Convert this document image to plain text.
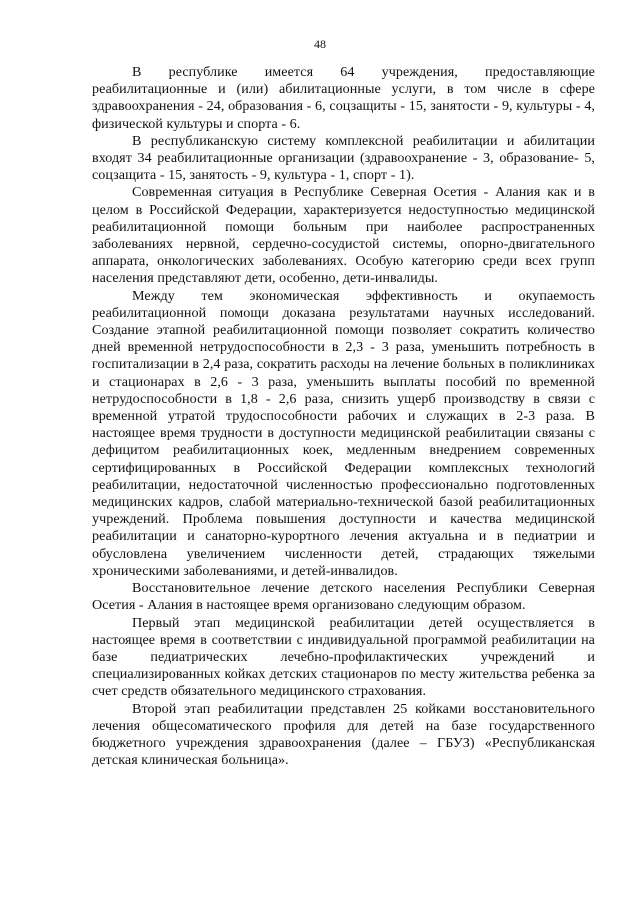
48

В республике имеется 64 учреждения, предоставляющие реабилитационные и (или) абилитационные услуги, в том числе в сфере здравоохранения - 24, образования - 6, соцзащиты - 15, занятости - 9, культуры - 4, физической культуры и спорта - 6.

В республиканскую систему комплексной реабилитации и абилитации входят 34 реабилитационные организации (здравоохранение - 3, образование- 5, соцзащита - 15, занятость - 9, культура - 1, спорт - 1).

Современная ситуация в Республике Северная Осетия - Алания как и в целом в Российской Федерации, характеризуется недоступностью медицинской реабилитационной помощи больным при наиболее распространенных заболеваниях нервной, сердечно-сосудистой системы, опорно-двигательного аппарата, онкологических заболеваниях. Особую категорию среди всех групп населения представляют дети, особенно, дети-инвалиды.

Между тем экономическая эффективность и окупаемость реабилитационной помощи доказана результатами научных исследований. Создание этапной реабилитационной помощи позволяет сократить количество дней временной нетрудоспособности в 2,3 - 3 раза, уменьшить потребность в госпитализации в 2,4 раза, сократить расходы на лечение больных в поликлиниках и стационарах в 2,6 - 3 раза, уменьшить выплаты пособий по временной нетрудоспособности в 1,8 - 2,6 раза, снизить ущерб производству в связи с временной утратой трудоспособности рабочих и служащих в 2-3 раза. В настоящее время трудности в доступности медицинской реабилитации связаны с дефицитом реабилитационных коек, медленным внедрением современных сертифицированных в Российской Федерации комплексных технологий реабилитации, недостаточной численностью профессионально подготовленных медицинских кадров, слабой материально-технической базой реабилитационных учреждений. Проблема повышения доступности и качества медицинской реабилитации и санаторно-курортного лечения актуальна и в педиатрии и обусловлена увеличением численности детей, страдающих тяжелыми хроническими заболеваниями, и детей-инвалидов.

Восстановительное лечение детского населения Республики Северная Осетия - Алания в настоящее время организовано следующим образом.

Первый этап медицинской реабилитации детей осуществляется в настоящее время в соответствии с индивидуальной программой реабилитации на базе педиатрических лечебно-профилактических учреждений и специализированных койках детских стационаров по месту жительства ребенка за счет средств обязательного медицинского страхования.

Второй этап реабилитации представлен 25 койками восстановительного лечения общесоматического профиля для детей на базе государственного бюджетного учреждения здравоохранения (далее – ГБУЗ) «Республиканская детская клиническая больница».
